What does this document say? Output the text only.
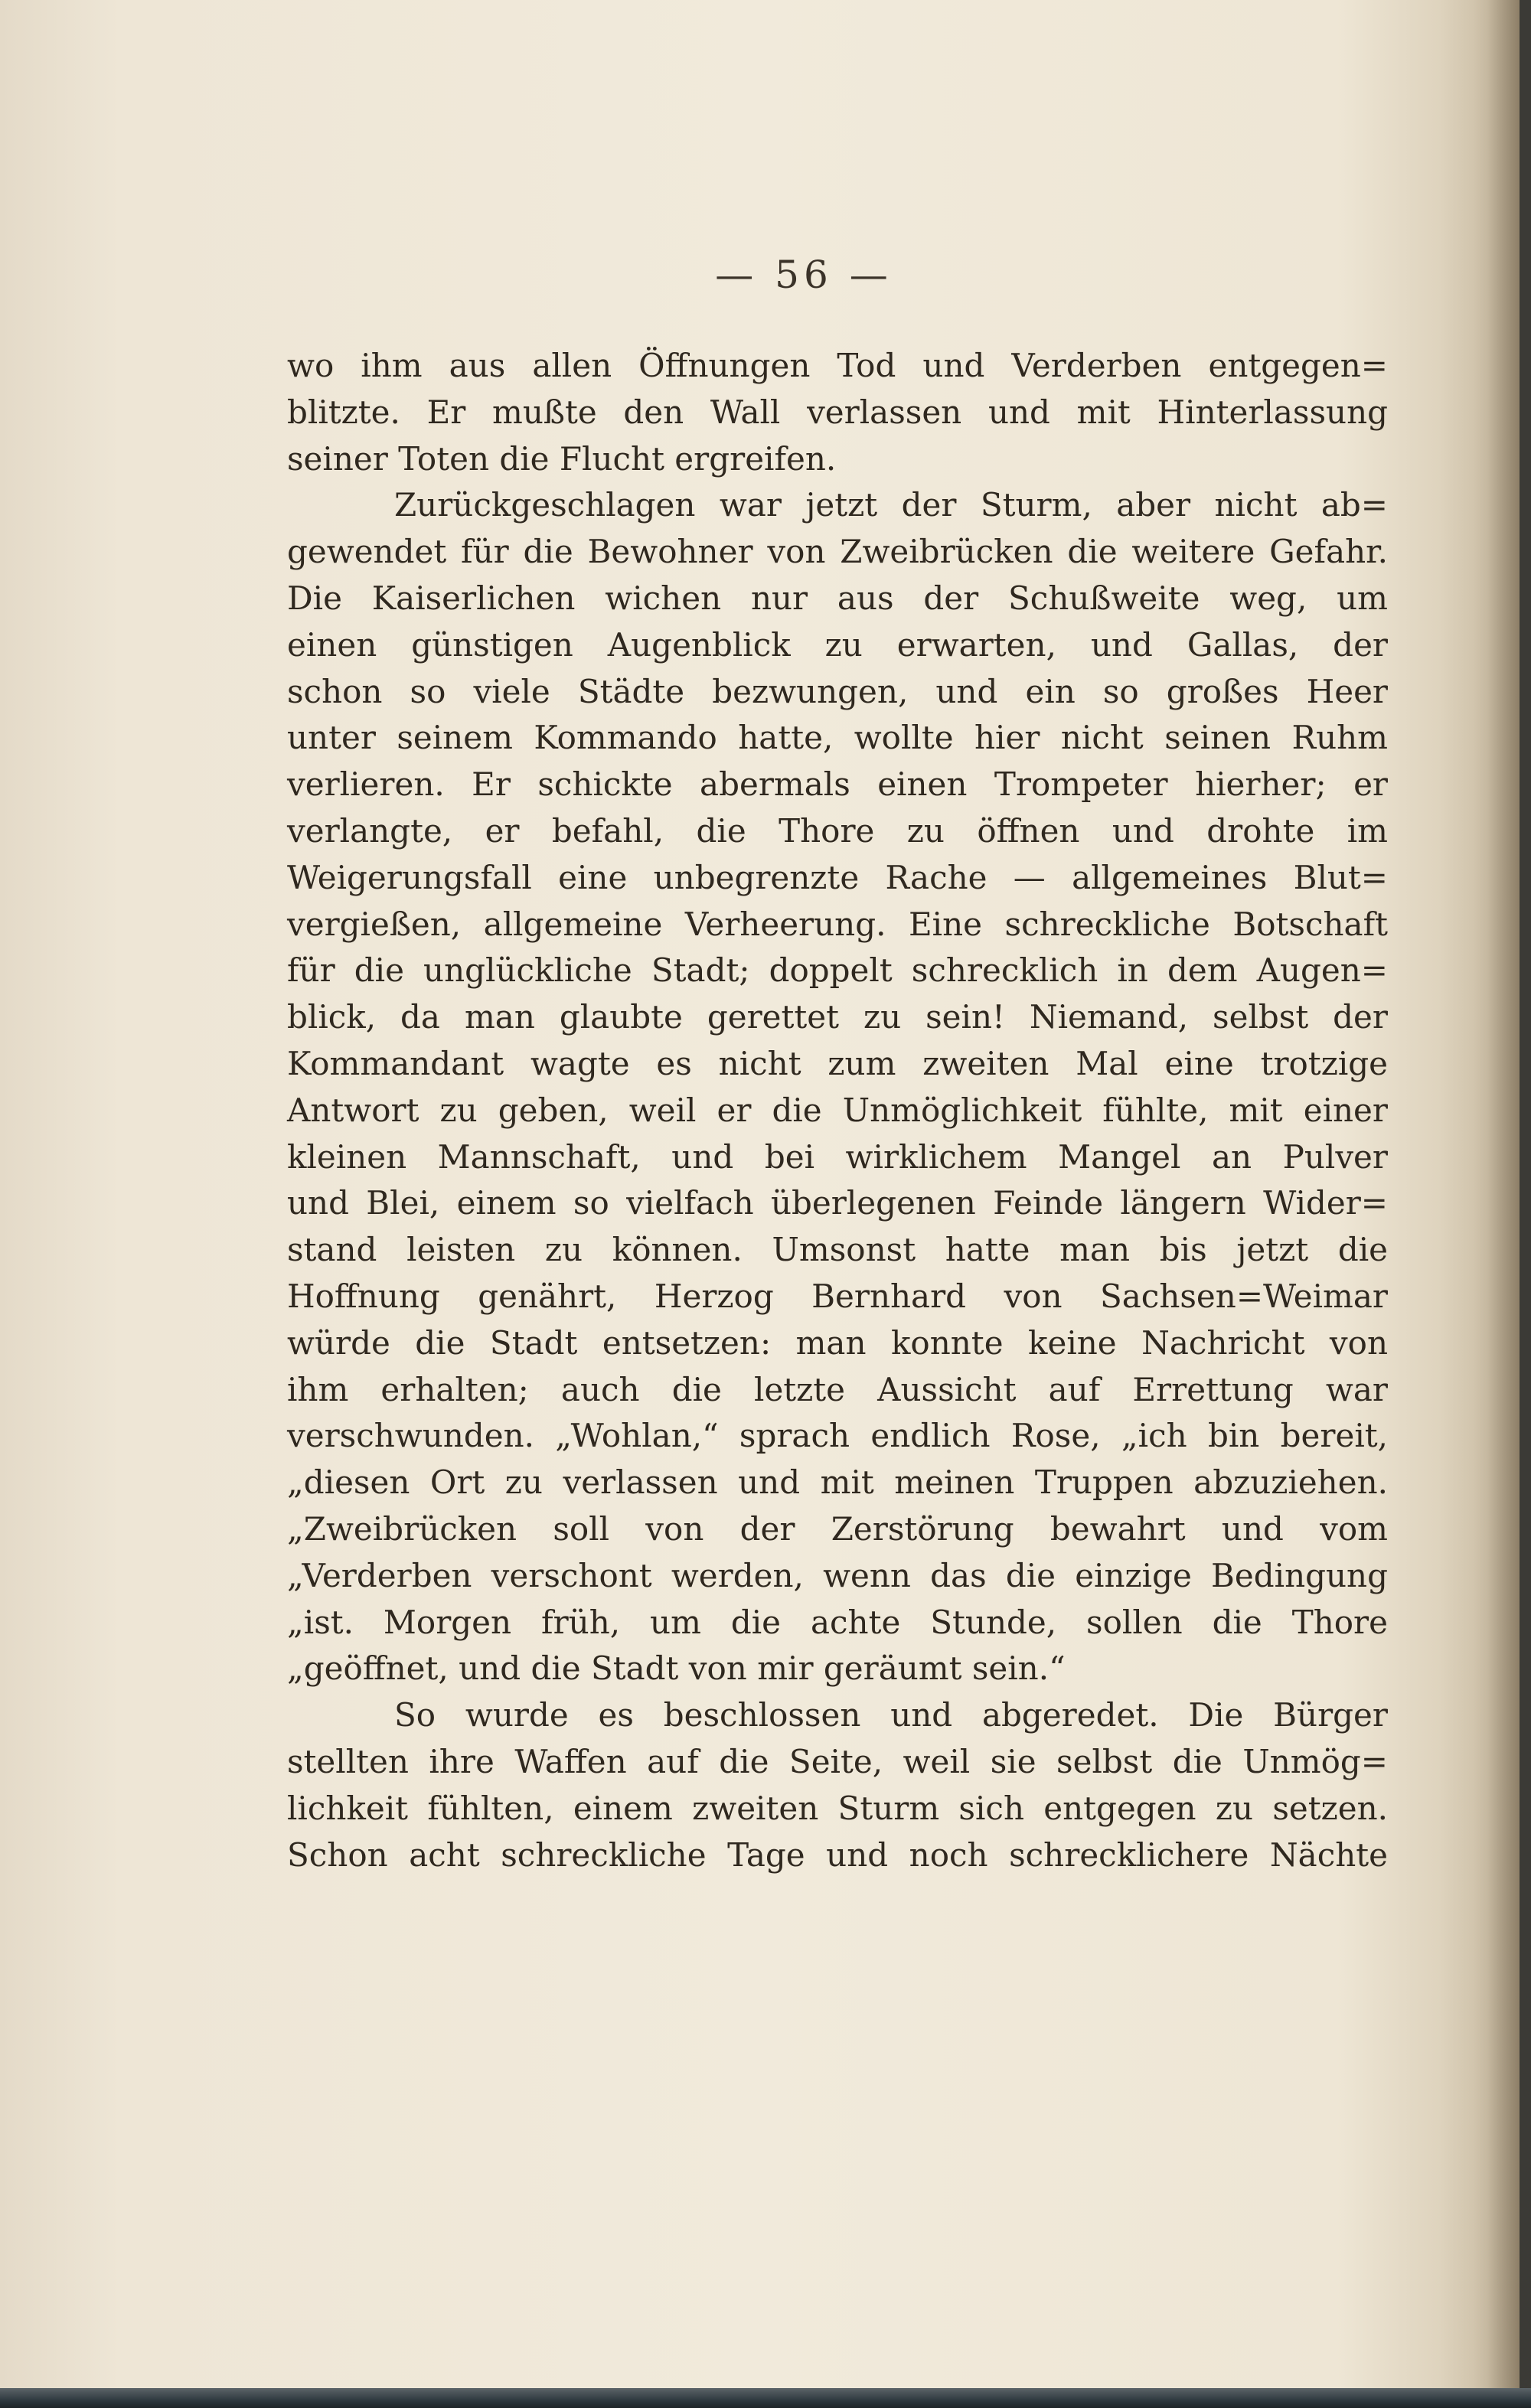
— 56 —
wo ihm aus allen Öffnungen Tod und Verderben entgegen=
blitzte. Er mußte den Wall verlassen und mit Hinterlassung
seiner Toten die Flucht ergreifen.
Zurückgeschlagen war jetzt der Sturm, aber nicht ab=
gewendet für die Bewohner von Zweibrücken die weitere Gefahr.
Die Kaiserlichen wichen nur aus der Schußweite weg, um
einen günstigen Augenblick zu erwarten, und Gallas, der
schon so viele Städte bezwungen, und ein so großes Heer
unter seinem Kommando hatte, wollte hier nicht seinen Ruhm
verlieren. Er schickte abermals einen Trompeter hierher; er
verlangte, er befahl, die Thore zu öffnen und drohte im
Weigerungsfall eine unbegrenzte Rache — allgemeines Blut=
vergießen, allgemeine Verheerung. Eine schreckliche Botschaft
für die unglückliche Stadt; doppelt schrecklich in dem Augen=
blick, da man glaubte gerettet zu sein! Niemand, selbst der
Kommandant wagte es nicht zum zweiten Mal eine trotzige
Antwort zu geben, weil er die Unmöglichkeit fühlte, mit einer
kleinen Mannschaft, und bei wirklichem Mangel an Pulver
und Blei, einem so vielfach überlegenen Feinde längern Wider=
stand leisten zu können. Umsonst hatte man bis jetzt die
Hoffnung genährt, Herzog Bernhard von Sachsen=Weimar
würde die Stadt entsetzen: man konnte keine Nachricht von
ihm erhalten; auch die letzte Aussicht auf Errettung war
verschwunden. „Wohlan,“ sprach endlich Rose, „ich bin bereit,
„diesen Ort zu verlassen und mit meinen Truppen abzuziehen.
„Zweibrücken soll von der Zerstörung bewahrt und vom
„Verderben verschont werden, wenn das die einzige Bedingung
„ist. Morgen früh, um die achte Stunde, sollen die Thore
„geöffnet, und die Stadt von mir geräumt sein.“
So wurde es beschlossen und abgeredet. Die Bürger
stellten ihre Waffen auf die Seite, weil sie selbst die Unmög=
lichkeit fühlten, einem zweiten Sturm sich entgegen zu setzen.
Schon acht schreckliche Tage und noch schrecklichere Nächte
